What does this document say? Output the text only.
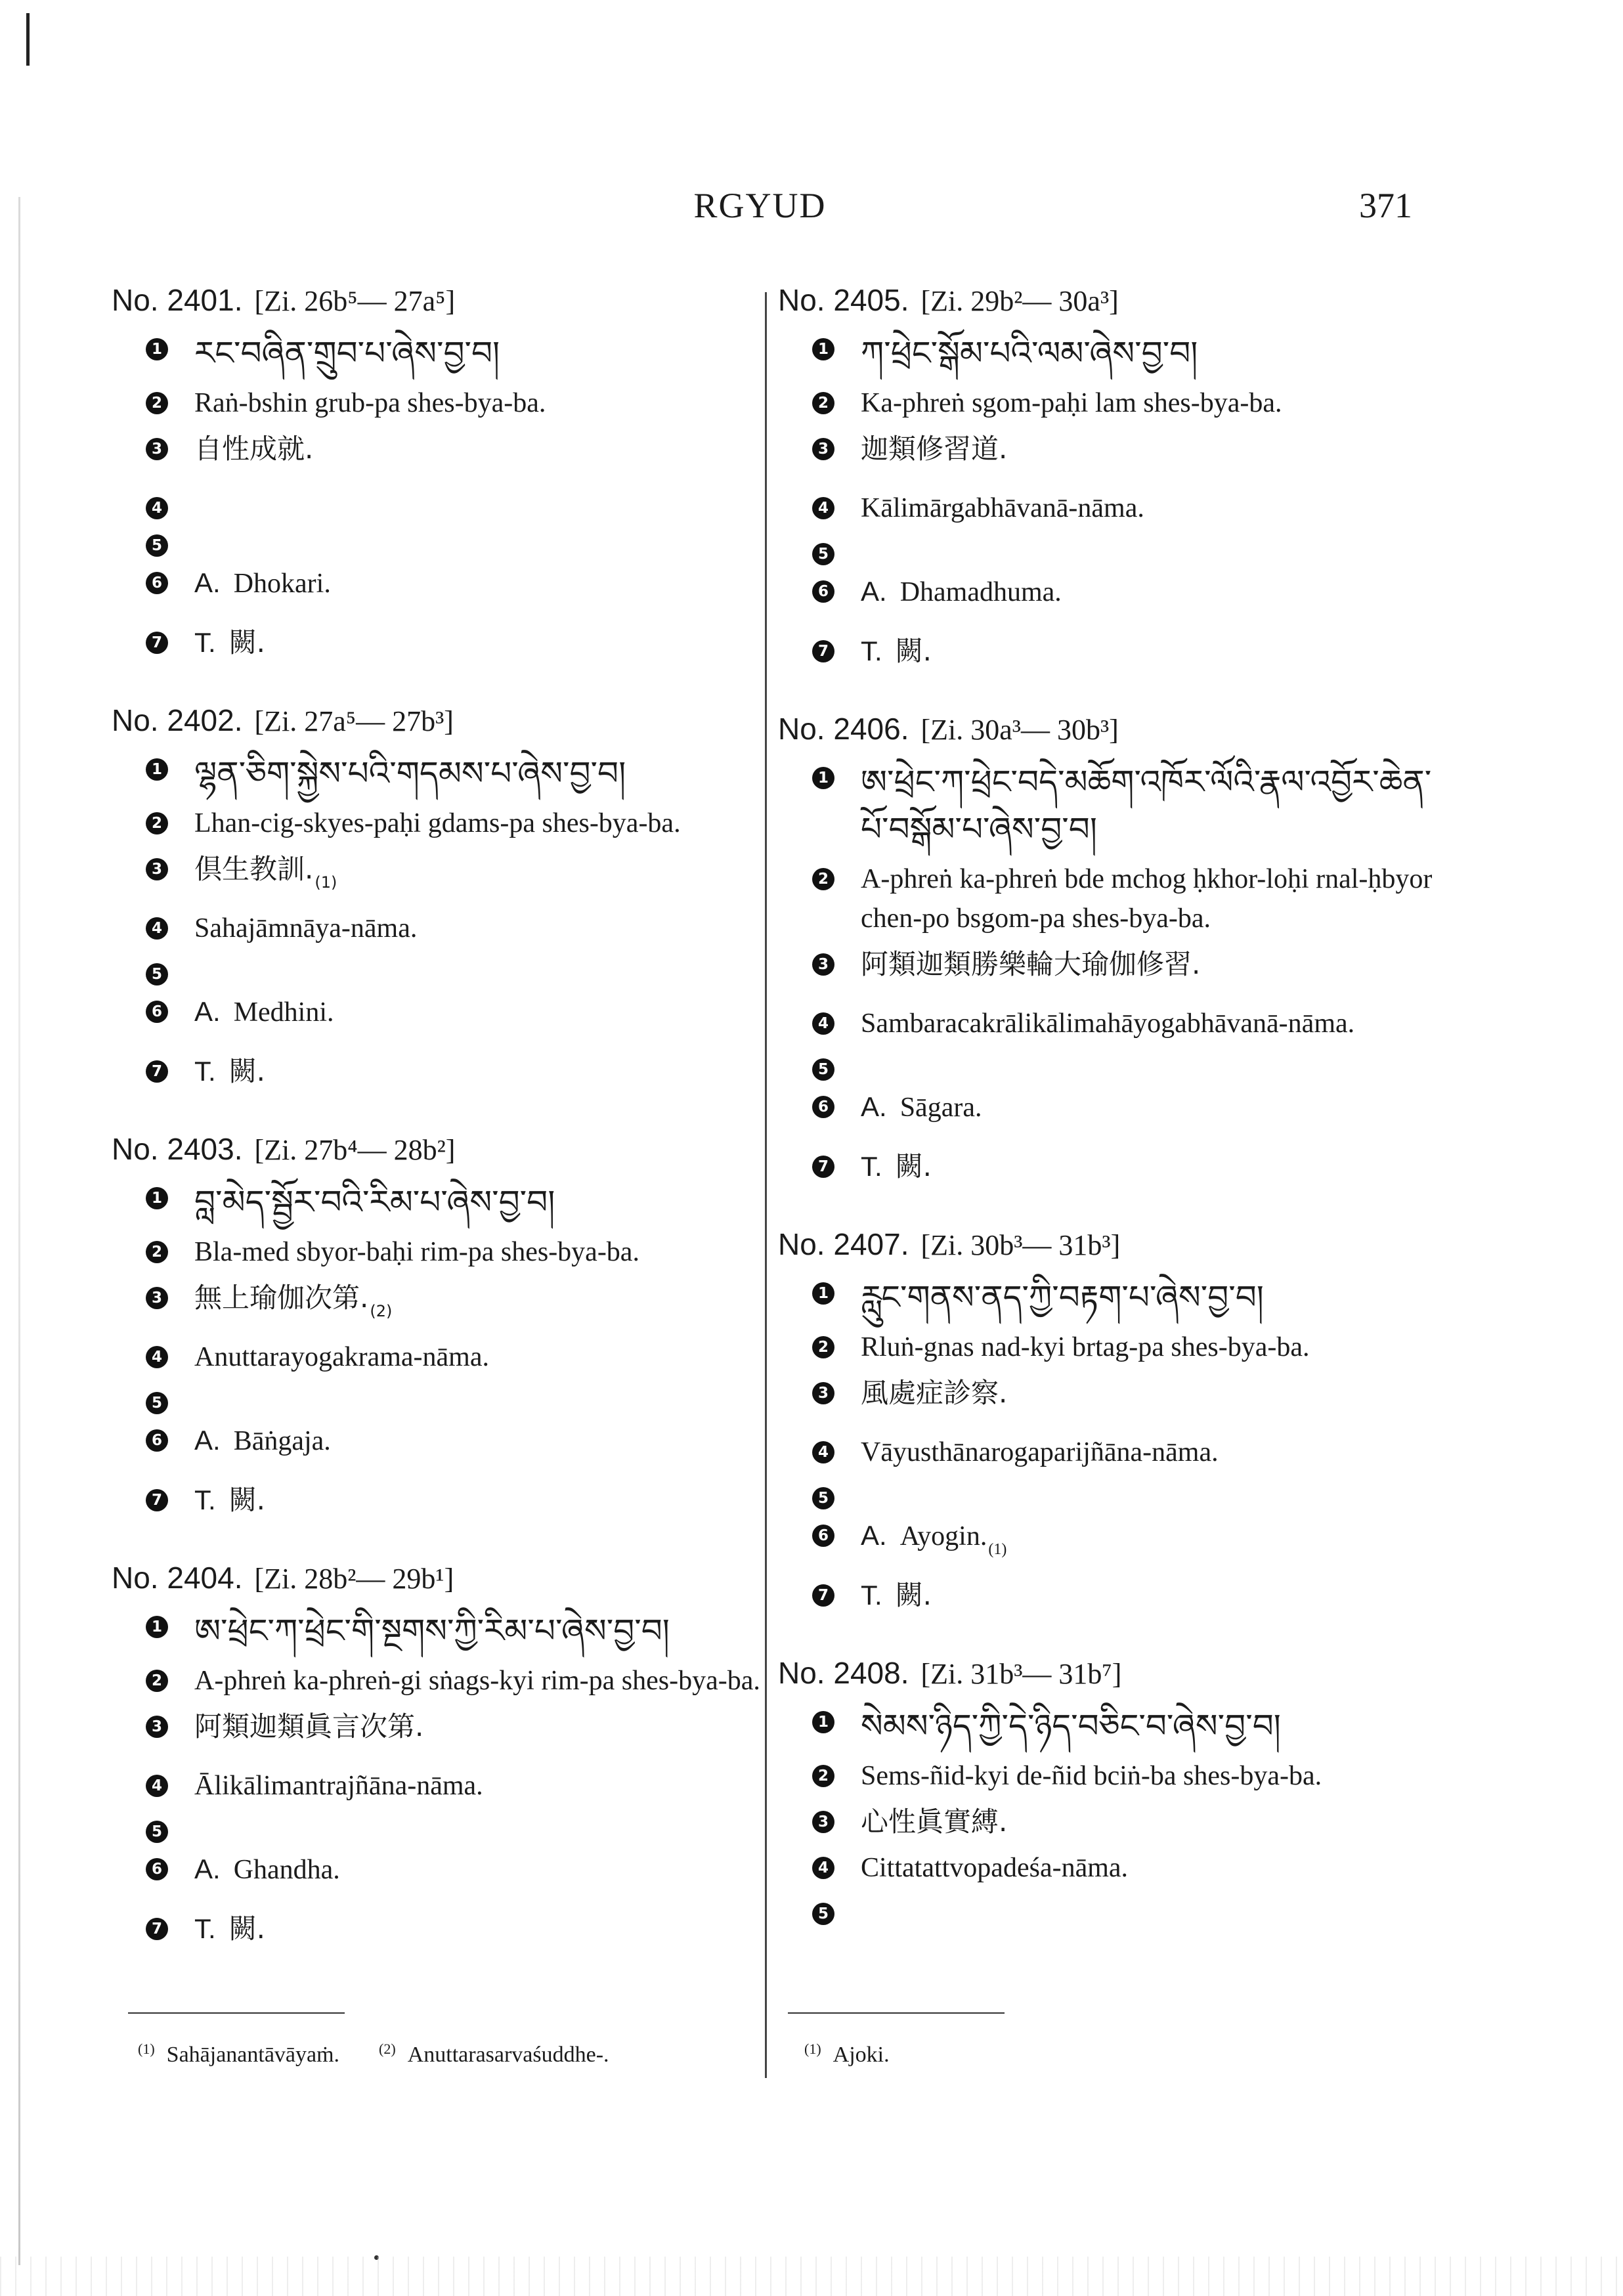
RGYUD	371
No. 2401. [Zi. 26b⁵— 27a⁵]
1 རང་བཞིན་གྲུབ་པ་ཞེས་བྱ་བ།
2 Raṅ-bshin grub-pa shes-bya-ba.
3 自性成就.
4
5
6 A. Dhokari.
7 T. 闕.
No. 2402. [Zi. 27a⁵— 27b³]
1 ལྷན་ཅིག་སྐྱེས་པའི་གདམས་པ་ཞེས་བྱ་བ།
2 Lhan-cig-skyes-paḥi gdams-pa shes-bya-ba.
3 倶生教訓$._{(1)}$
4 Sahajāmnāya-nāma.
5
6 A. Medhini.
7 T. 闕.
No. 2403. [Zi. 27b⁴— 28b²]
1 བླ་མེད་སྦྱོར་བའི་རིམ་པ་ཞེས་བྱ་བ།
2 Bla-med sbyor-baḥi rim-pa shes-bya-ba.
3 無上瑜伽次第$._{(2)}$
4 Anuttarayogakrama-nāma.
5
6 A. Bāṅgaja.
7 T. 闕.
No. 2404. [Zi. 28b²— 29b¹]
1 ཨ་ཕྲེང་ཀ་ཕྲེང་གི་སྔགས་ཀྱི་རིམ་པ་ཞེས་བྱ་བ།
2 A-phreṅ ka-phreṅ-gi sṅags-kyi rim-pa shes-bya-ba.
3 阿類迦類眞言次第.
4 Ālikālimantrajñāna-nāma.
5
6 A. Ghandha.
7 T. 闕.
No. 2405. [Zi. 29b²— 30a³]
1 ཀ་ཕྲེང་སྒོམ་པའི་ལམ་ཞེས་བྱ་བ།
2 Ka-phreṅ sgom-paḥi lam shes-bya-ba.
3 迦類修習道.
4 Kālimārgabhāvanā-nāma.
5
6 A. Dhamadhuma.
7 T. 闕.
No. 2406. [Zi. 30a³— 30b³]
1 ཨ་ཕྲེང་ཀ་ཕྲེང་བདེ་མཆོག་འཁོར་ལོའི་རྣལ་འབྱོར་ཆེན་པོ་བསྒོམ་པ་ཞེས་བྱ་བ།
2 A-phreṅ ka-phreṅ bde mchog ḥkhor-loḥi rnal-ḥbyor chen-po bsgom-pa shes-bya-ba.
3 阿類迦類勝樂輪大瑜伽修習.
4 Sambaracakrālikālimahāyogabhāvanā-nāma.
5
6 A. Sāgara.
7 T. 闕.
No. 2407. [Zi. 30b³— 31b³]
1 རླུང་གནས་ནད་ཀྱི་བརྟག་པ་ཞེས་བྱ་བ།
2 Rluṅ-gnas nad-kyi brtag-pa shes-bya-ba.
3 風處症診察.
4 Vāyusthānarogaparijñāna-nāma.
5
6 A. $Ayogin._{(1)}$
7 T. 闕.
No. 2408. [Zi. 31b³— 31b⁷]
1 སེམས་ཉིད་ཀྱི་དེ་ཉིད་བཅིང་བ་ཞེས་བྱ་བ།
2 Sems-ñid-kyi de-ñid bciṅ-ba shes-bya-ba.
3 心性眞實縛.
4 Cittatattvopadeśa-nāma.
5
$^{(1)}$ Sahājanantāvāyaṁ.	$^{(2)}$ Anuttarasarvaśuddhe-.	$^{(1)}$ Ajoki.
